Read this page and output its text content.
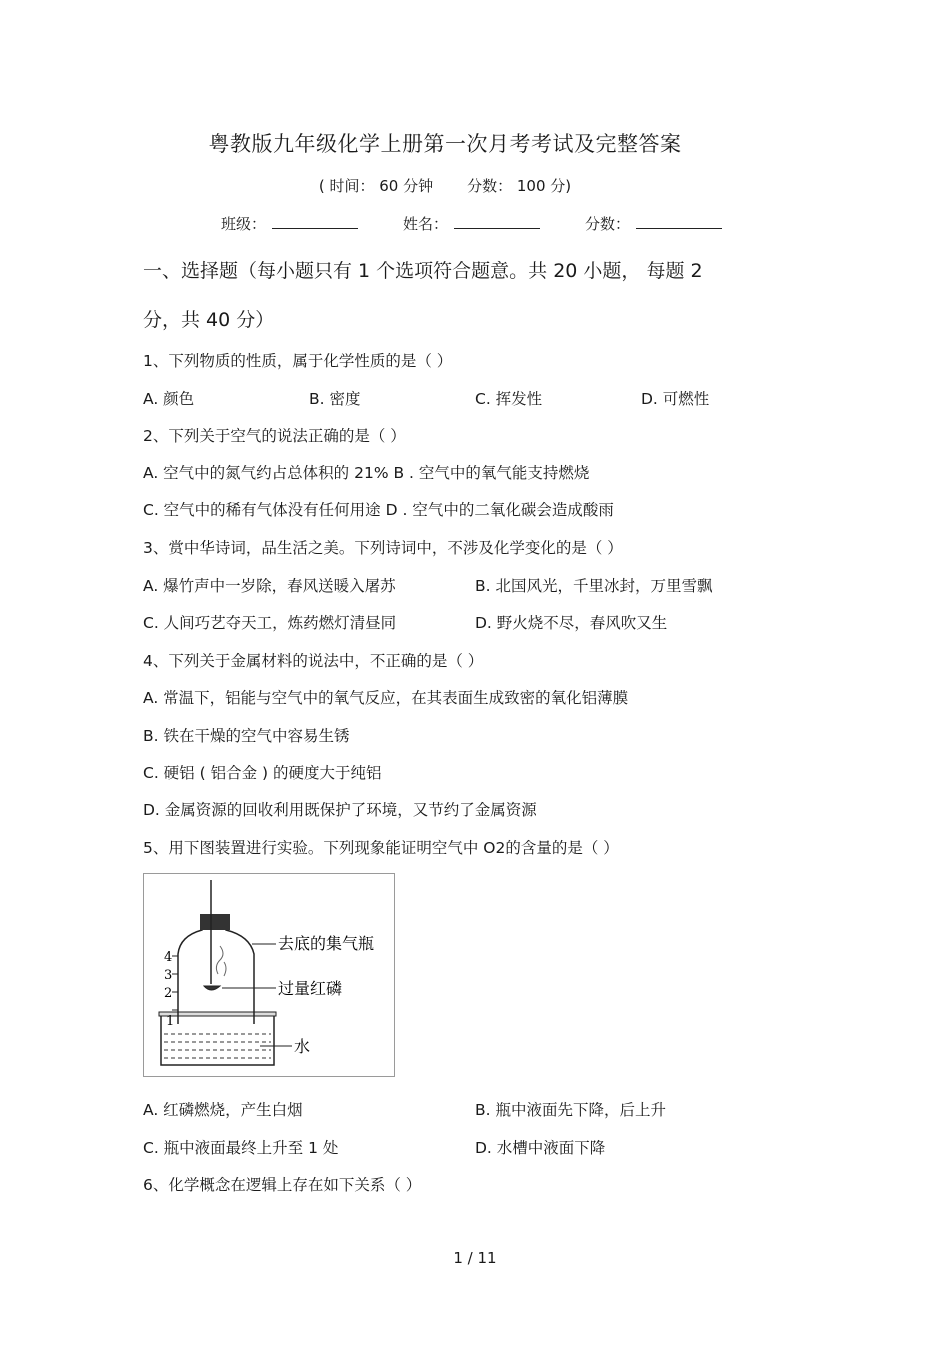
粤教版九年级化学上册第一次月考考试及完整答案
( 时间： 60 分钟 分数： 100 分)
班级：	姓名：	分数：
一、选择题（每小题只有 1 个选项符合题意。共 20 小题， 每题 2
分，共 40 分）
1、下列物质的性质，属于化学性质的是（ ）
A. 颜色	B. 密度	C. 挥发性	D. 可燃性
2、下列关于空气的说法正确的是（ ）
A. 空气中的氮气约占总体积的 21% B . 空气中的氧气能支持燃烧
C. 空气中的稀有气体没有任何用途 D . 空气中的二氧化碳会造成酸雨
3、赏中华诗词，品生活之美。下列诗词中，不涉及化学变化的是（ ）
A. 爆竹声中一岁除，春风送暖入屠苏	B. 北国风光，千里冰封，万里雪飘
C. 人间巧艺夺天工，炼药燃灯清昼同	D. 野火烧不尽，春风吹又生
4、下列关于金属材料的说法中，不正确的是（ ）
A. 常温下，铝能与空气中的氧气反应，在其表面生成致密的氧化铝薄膜
B. 铁在干燥的空气中容易生锈
C. 硬铝 ( 铝合金 ) 的硬度大于纯铝
D. 金属资源的回收利用既保护了环境，又节约了金属资源
5、用下图装置进行实验。下列现象能证明空气中 O2的含量的是（ ）
4
3
2
1
去底的集气瓶
过量红磷
水
A. 红磷燃烧，产生白烟	B. 瓶中液面先下降，后上升
C. 瓶中液面最终上升至 1 处	D. 水槽中液面下降
6、化学概念在逻辑上存在如下关系（ ）
1 / 11
